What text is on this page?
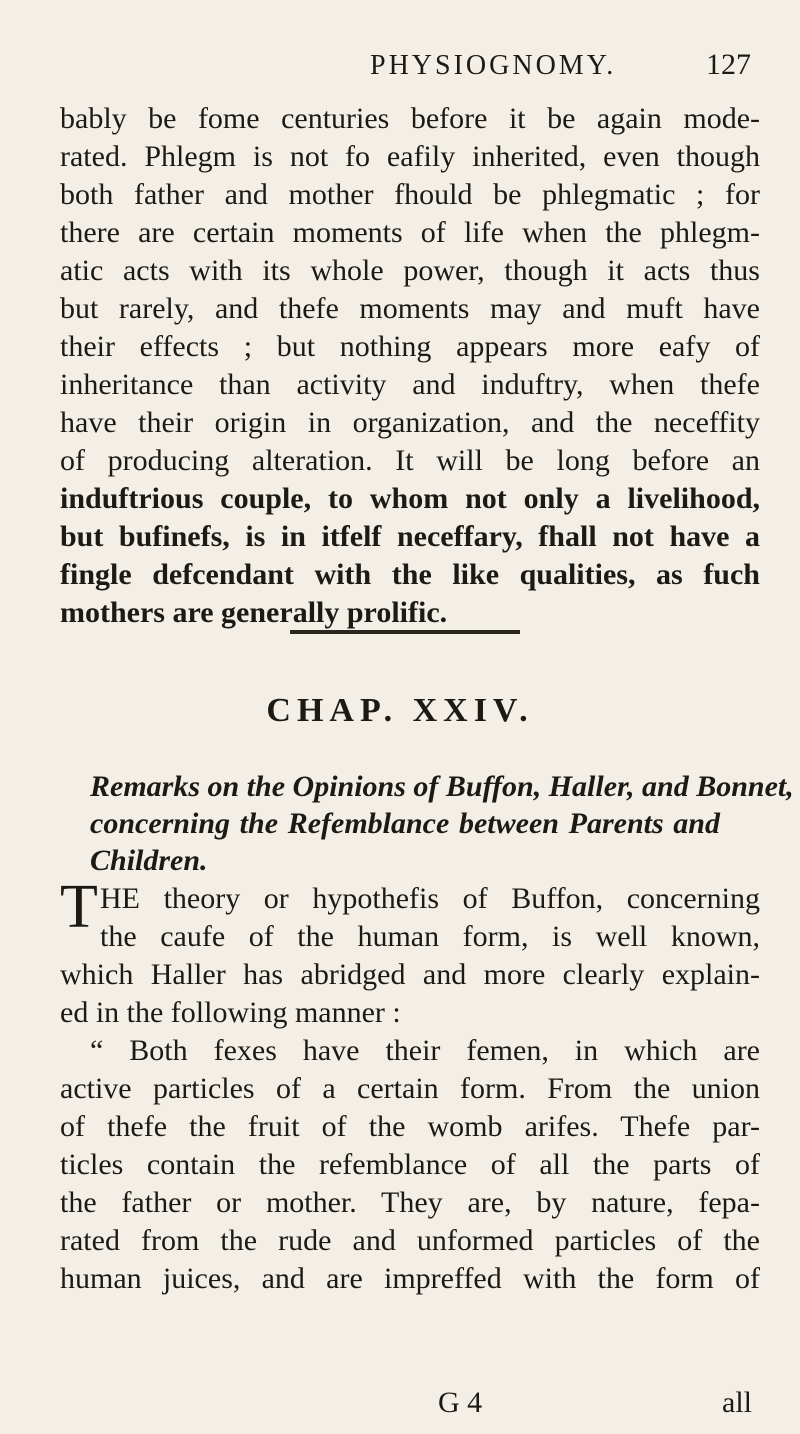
PHYSIOGNOMY.	127
bably be fome centuries before it be again mode-
rated. Phlegm is not fo eafily inherited, even though
both father and mother fhould be phlegmatic ; for
there are certain moments of life when the phlegm-
atic acts with its whole power, though it acts thus
but rarely, and thefe moments may and muft have
their effects ; but nothing appears more eafy of
inheritance than activity and induftry, when thefe
have their origin in organization, and the neceffity
of producing alteration. It will be long before an
induftrious couple, to whom not only a livelihood,
but bufinefs, is in itfelf neceffary, fhall not have a
fingle defcendant with the like qualities, as fuch
mothers are generally prolific.
CHAP. XXIV.
Remarks on the Opinions of Buffon, Haller, and Bonnet,
concerning the Refemblance between Parents and
Children.
T HE theory or hypothefis of Buffon, concerning
the caufe of the human form, is well known,
which Haller has abridged and more clearly explain-
ed in the following manner :
“ Both fexes have their femen, in which are
active particles of a certain form. From the union
of thefe the fruit of the womb arifes. Thefe par-
ticles contain the refemblance of all the parts of
the father or mother. They are, by nature, fepa-
rated from the rude and unformed particles of the
human juices, and are impreffed with the form of
G 4	all
